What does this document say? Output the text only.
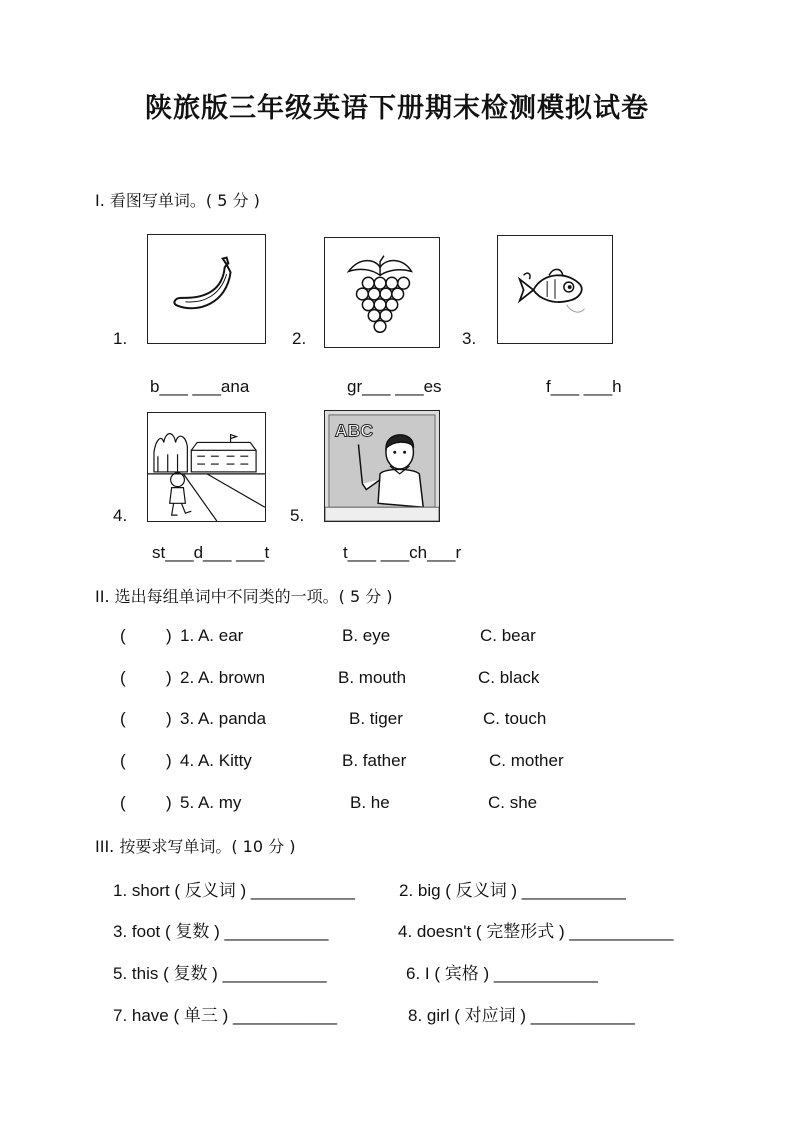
陕旅版三年级英语下册期末检测模拟试卷
I. 看图写单词。( 5 分 )
1.
b___ ___ana
2.
gr___ ___es
3.
f___ ___h
4.
st___d___ ___t
ABC
5.
t___ ___ch___r
II. 选出每组单词中不同类的一项。( 5 分 )
( ) 1. A. ear	B. eye	C. bear
( ) 2. A. brown	B. mouth	C. black
( ) 3. A. panda	B. tiger	C. touch
( ) 4. A. Kitty	B. father	C. mother
( ) 5. A. my	B. he	C. she
III. 按要求写单词。( 10 分 )
1. short ( 反义词 ) ___________	2. big ( 反义词 ) ___________
3. foot ( 复数 ) ___________	4. doesn't ( 完整形式 ) ___________
5. this ( 复数 ) ___________	6. I ( 宾格 ) ___________
7. have ( 单三 ) ___________	8. girl ( 对应词 ) ___________
